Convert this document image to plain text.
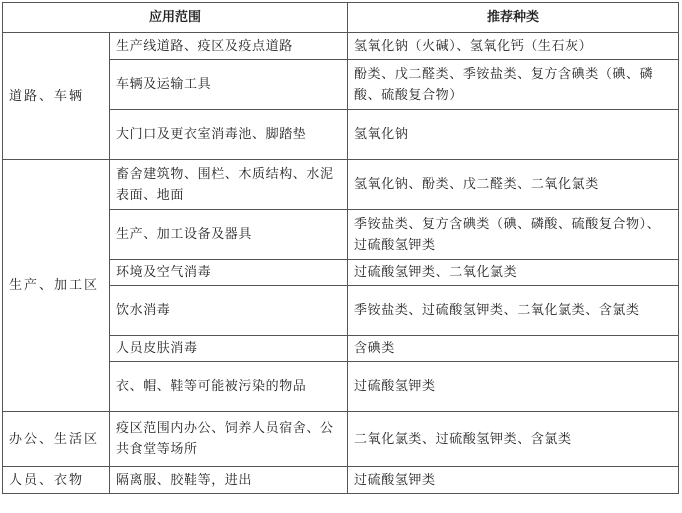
应用范围		推荐种类
道路、车辆	生产线道路、疫区及疫点道路	氢氧化钠（火碱）、氢氧化钙（生石灰）
	车辆及运输工具	酚类、戊二醛类、季铵盐类、复方含碘类（碘、磷酸、硫酸复合物）
	大门口及更衣室消毒池、脚踏垫	氢氧化钠
生产、加工区	畜舍建筑物、围栏、木质结构、水泥表面、地面	氢氧化钠、酚类、戊二醛类、二氧化氯类
	生产、加工设备及器具	季铵盐类、复方含碘类（碘、磷酸、硫酸复合物）、过硫酸氢钾类
	环境及空气消毒	过硫酸氢钾类、二氧化氯类
	饮水消毒	季铵盐类、过硫酸氢钾类、二氧化氯类、含氯类
	人员皮肤消毒	含碘类
	衣、帽、鞋等可能被污染的物品	过硫酸氢钾类
办公、生活区	疫区范围内办公、饲养人员宿舍、公共食堂等场所	二氧化氯类、过硫酸氢钾类、含氯类
人员、衣物	隔离服、胶鞋等，进出	过硫酸氢钾类
